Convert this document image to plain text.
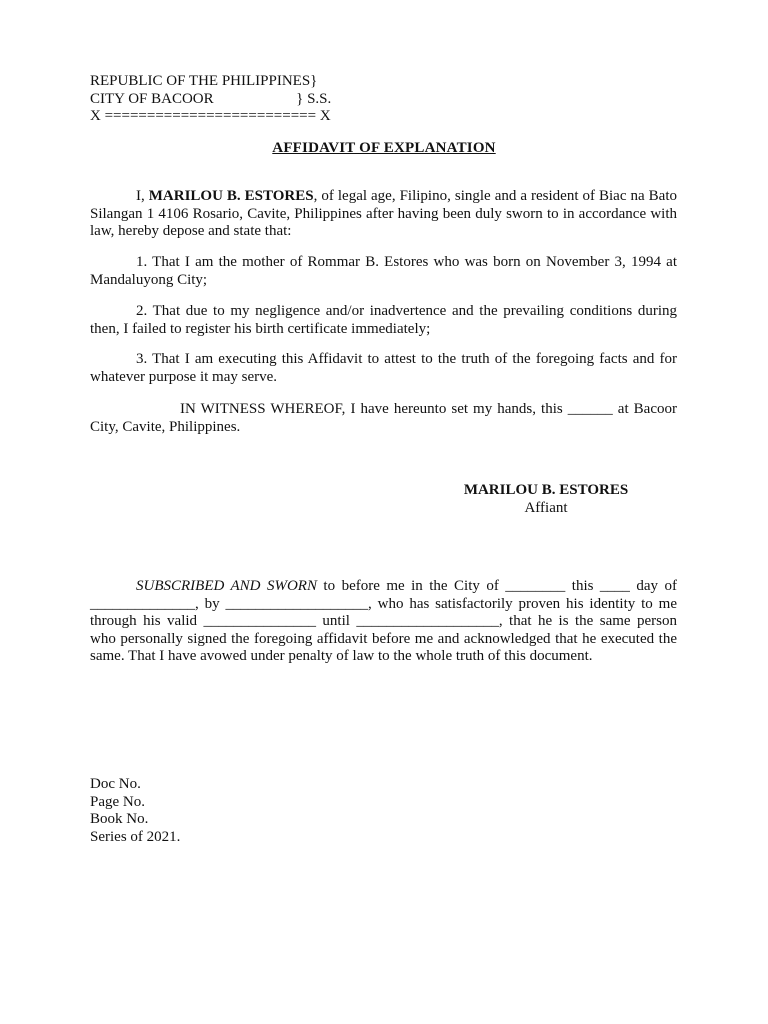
REPUBLIC OF THE PHILIPPINES}
CITY OF BACOOR                      } S.S.
X ========================= X
AFFIDAVIT OF EXPLANATION

I, MARILOU B. ESTORES, of legal age, Filipino, single and a resident of Biac na Bato Silangan 1 4106 Rosario, Cavite, Philippines after having been duly sworn to in accordance with law, hereby depose and state that:

1. That I am the mother of Rommar B. Estores who was born on November 3, 1994 at Mandaluyong City;

2. That due to my negligence and/or inadvertence and the prevailing conditions during then, I failed to register his birth certificate immediately;

3. That I am executing this Affidavit to attest to the truth of the foregoing facts and for whatever purpose it may serve.

IN WITNESS WHEREOF, I have hereunto set my hands, this ______ at Bacoor City, Cavite, Philippines.

MARILOU B. ESTORES
Affiant

SUBSCRIBED AND SWORN to before me in the City of ________ this ____ day of ______________, by ___________________, who has satisfactorily proven his identity to me through his valid _______________ until ___________________, that he is the same person who personally signed the foregoing affidavit before me and acknowledged that he executed the same. That I have avowed under penalty of law to the whole truth of this document.

Doc No.
Page No.
Book No.
Series of 2021.
